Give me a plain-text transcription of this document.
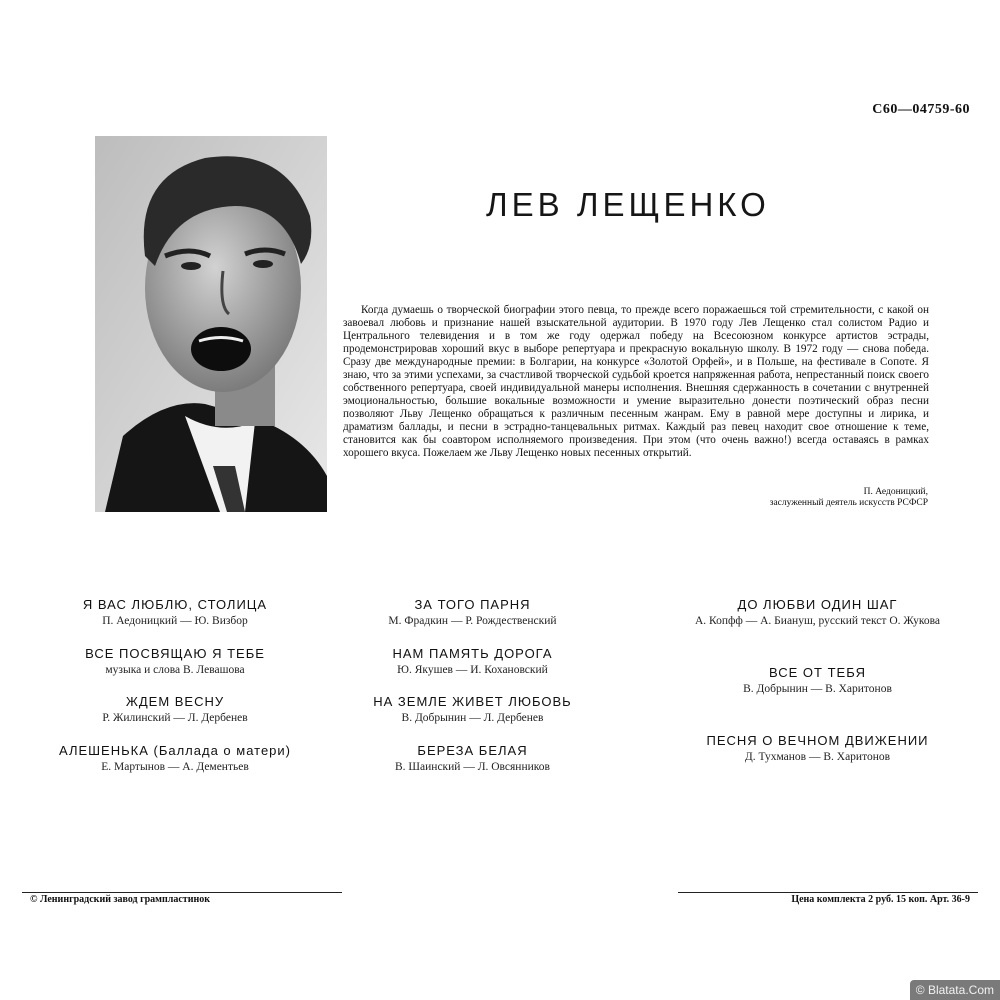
С60—04759-60
ЛЕВ ЛЕЩЕНКО

Когда думаешь о творческой биографии этого певца, то прежде всего поражаешься той стремительности, с какой он завоевал любовь и признание нашей взыскательной аудитории. В 1970 году Лев Лещенко стал солистом Радио и Центрального телевидения и в том же году одержал победу на Всесоюзном конкурсе артистов эстрады, продемонстрировав хороший вкус в выборе репертуара и прекрасную вокальную школу. В 1972 году — снова победа. Сразу две международные премии: в Болгарии, на конкурсе «Золотой Орфей», и в Польше, на фестивале в Сопоте. Я знаю, что за этими успехами, за счастливой творческой судьбой кроется напряженная работа, непрестанный поиск своего собственного репертуара, своей индивидуальной манеры исполнения. Внешняя сдержанность в сочетании с внутренней эмоциональностью, большие вокальные возможности и умение выразительно донести поэтический образ песни позволяют Льву Лещенко обращаться к различным песенным жанрам. Ему в равной мере доступны и лирика, и драматизм баллады, и песни в эстрадно-танцевальных ритмах. Каждый раз певец находит свое отношение к теме, становится как бы соавтором исполняемого произведения. При этом (что очень важно!) всегда оставаясь в рамках хорошего вкуса. Пожелаем же Льву Лещенко новых песенных открытий.

П. Аедоницкий,
заслуженный деятель искусств РСФСР
Я ВАС ЛЮБЛЮ, СТОЛИЦА
П. Аедоницкий — Ю. Визбор
ВСЕ ПОСВЯЩАЮ Я ТЕБЕ
музыка и слова В. Левашова
ЖДЕМ ВЕСНУ
Р. Жилинский — Л. Дербенев
АЛЕШЕНЬКА (Баллада о матери)
Е. Мартынов — А. Дементьев
ЗА ТОГО ПАРНЯ
М. Фрадкин — Р. Рождественский
НАМ ПАМЯТЬ ДОРОГА
Ю. Якушев — И. Кохановский
НА ЗЕМЛЕ ЖИВЕТ ЛЮБОВЬ
В. Добрынин — Л. Дербенев
БЕРЕЗА БЕЛАЯ
В. Шаинский — Л. Овсянников
ДО ЛЮБВИ ОДИН ШАГ
А. Копфф — А. Биануш, русский текст О. Жукова
ВСЕ ОТ ТЕБЯ
В. Добрынин — В. Харитонов
ПЕСНЯ О ВЕЧНОМ ДВИЖЕНИИ
Д. Тухманов — В. Харитонов
© Ленинградский завод грампластинок	Цена комплекта 2 руб. 15 коп. Арт. 36-9
© Blatata.Com
